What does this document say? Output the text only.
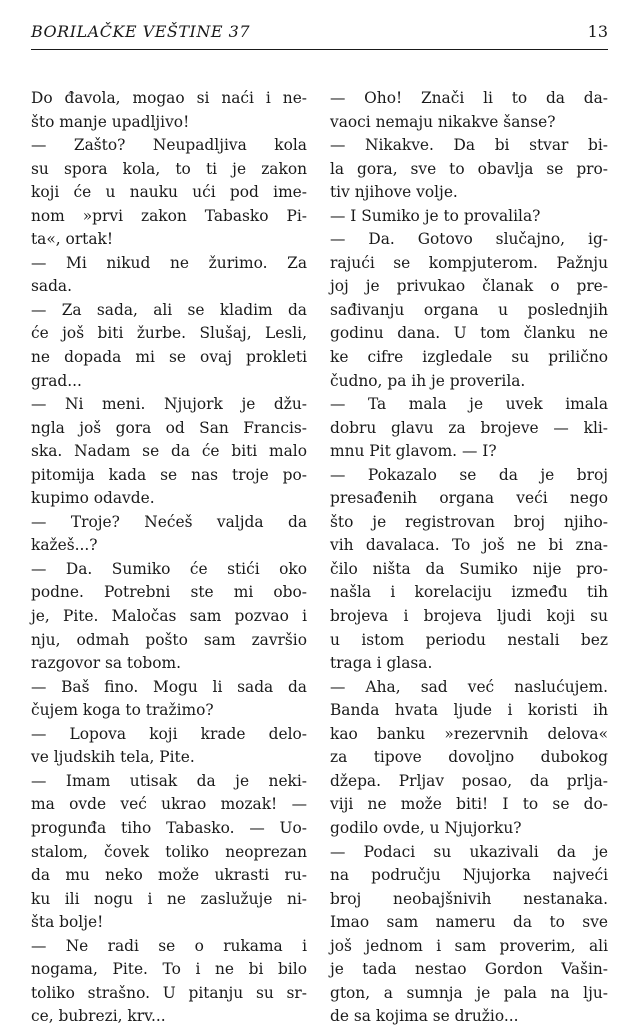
BORILAČKE VEŠTINE 37	13
Do đavola, mogao si naći i ne-
što manje upadljivo!
— Zašto? Neupadljiva kola
su spora kola, to ti je zakon
koji će u nauku ući pod ime-
nom »prvi zakon Tabasko Pi-
ta«, ortak!
— Mi nikud ne žurimo. Za
sada.
— Za sada, ali se kladim da
će još biti žurbe. Slušaj, Lesli,
ne dopada mi se ovaj prokleti
grad...
— Ni meni. Njujork je džu-
ngla još gora od San Francis-
ska. Nadam se da će biti malo
pitomija kada se nas troje po-
kupimo odavde.
— Troje? Nećeš valjda da
kažeš...?
— Da. Sumiko će stići oko
podne. Potrebni ste mi obo-
je, Pite. Maločas sam pozvao i
nju, odmah pošto sam završio
razgovor sa tobom.
— Baš fino. Mogu li sada da
čujem koga to tražimo?
— Lopova koji krade delo-
ve ljudskih tela, Pite.
— Imam utisak da je neki-
ma ovde već ukrao mozak! —
progunđa tiho Tabasko. — Uo-
stalom, čovek toliko neoprezan
da mu neko može ukrasti ru-
ku ili nogu i ne zaslužuje ni-
šta bolje!
— Ne radi se o rukama i
nogama, Pite. To i ne bi bilo
toliko strašno. U pitanju su sr-
ce, bubrezi, krv...
— Oho! Znači li to da da-
vaoci nemaju nikakve šanse?
— Nikakve. Da bi stvar bi-
la gora, sve to obavlja se pro-
tiv njihove volje.
— I Sumiko je to provalila?
— Da. Gotovo slučajno, ig-
rajući se kompjuterom. Pažnju
joj je privukao članak o pre-
sađivanju organa u poslednjih
godinu dana. U tom članku ne
ke cifre izgledale su prilično
čudno, pa ih je proverila.
— Ta mala je uvek imala
dobru glavu za brojeve — kli-
mnu Pit glavom. — I?
— Pokazalo se da je broj
presađenih organa veći nego
što je registrovan broj njiho-
vih davalaca. To još ne bi zna-
čilo ništa da Sumiko nije pro-
našla i korelaciju između tih
brojeva i brojeva ljudi koji su
u istom periodu nestali bez
traga i glasa.
— Aha, sad već naslućujem.
Banda hvata ljude i koristi ih
kao banku »rezervnih delova«
za tipove dovoljno dubokog
džepa. Prljav posao, da prlja-
viji ne može biti! I to se do-
godilo ovde, u Njujorku?
— Podaci su ukazivali da je
na području Njujorka najveći
broj neobajšnivih nestanaka.
Imao sam nameru da to sve
još jednom i sam proverim, ali
je tada nestao Gordon Vašin-
gton, a sumnja je pala na lju-
de sa kojima se družio...
